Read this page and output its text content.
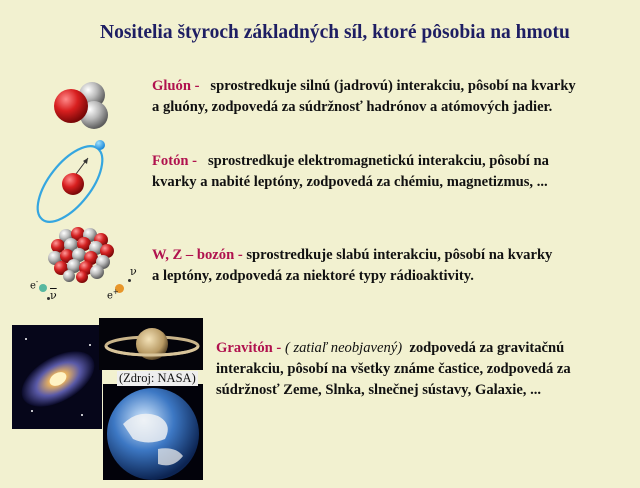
Nositelia štyroch základných síl, ktoré pôsobia na hmotu
Gluón - sprostredkuje silnú (jadrovú) interakciu, pôsobí na kvarky
a gluóny, zodpovedá za súdržnosť hadrónov a atómových jadier.
Fotón - sprostredkuje elektromagnetickú interakciu, pôsobí na
kvarky a nabité leptóny, zodpovedá za chémiu, magnetizmus, ...
e-
$\overline{\nu}$	e+
ν
W, Z – bozón - sprostredkuje slabú interakciu, pôsobí na kvarky
a leptóny, zodpovedá za niektoré typy rádioaktivity.
(Zdroj: NASA)
Gravitón - ( zatiaľ neobjavený) zodpovedá za gravitačnú
interakciu, pôsobí na všetky známe častice, zodpovedá za
súdržnosť Zeme, Slnka, slnečnej sústavy, Galaxie, ...
